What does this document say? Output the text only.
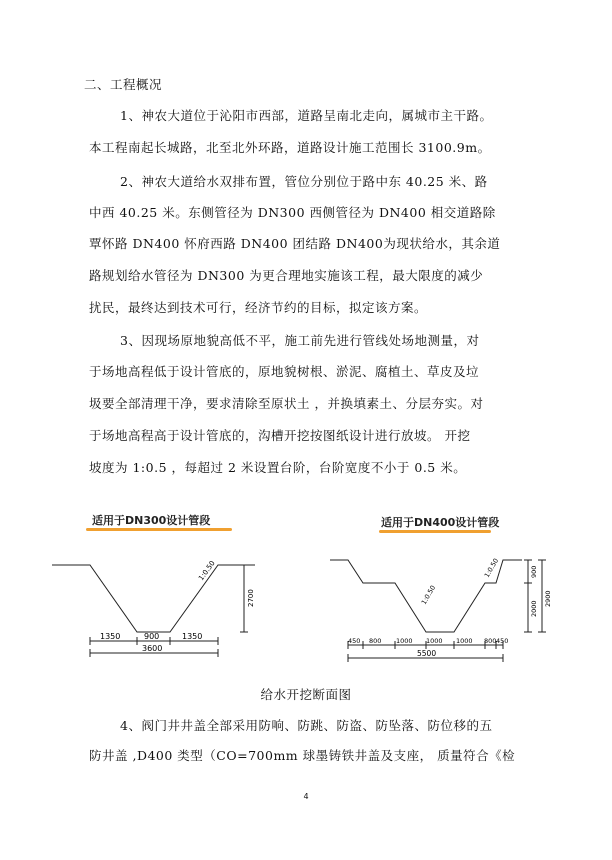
二、工程概况
1、神农大道位于沁阳市西部，道路呈南北走向，属城市主干路。
本工程南起长城路，北至北外环路，道路设计施工范围长 3100.9m。
2、神农大道给水双排布置，管位分别位于路中东 40.25 米、路
中西 40.25 米。东侧管径为 DN300 西侧管径为 DN400 相交道路除
覃怀路 DN400 怀府西路 DN400 团结路 DN400为现状给水，其余道
路规划给水管径为 DN300 为更合理地实施该工程，最大限度的减少
扰民，最终达到技术可行，经济节约的目标，拟定该方案。
3、因现场原地貌高低不平，施工前先进行管线处场地测量，对
于场地高程低于设计管底的，原地貌树根、淤泥、腐植土、草皮及垃
圾要全部清理干净，要求清除至原状土 ，并换填素土、分层夯实。对
于场地高程高于设计管底的，沟槽开挖按图纸设计进行放坡。 开挖
坡度为 1:0.5 ，每超过 2 米设置台阶，台阶宽度不小于 0.5 米。
适用于DN300设计管段	适用于DN400设计管段
1:0.50
2700
1350	900	1350
3600
1:0.50
1:0.50	900
2000
2900
450 800 1000 1000 1000 800 450
5500
给水开挖断面图
4、阀门井井盖全部采用防响、防跳、防盗、防坠落、防位移的五
防井盖 ,D400 类型（CO=700mm 球墨铸铁井盖及支座， 质量符合《检
4
